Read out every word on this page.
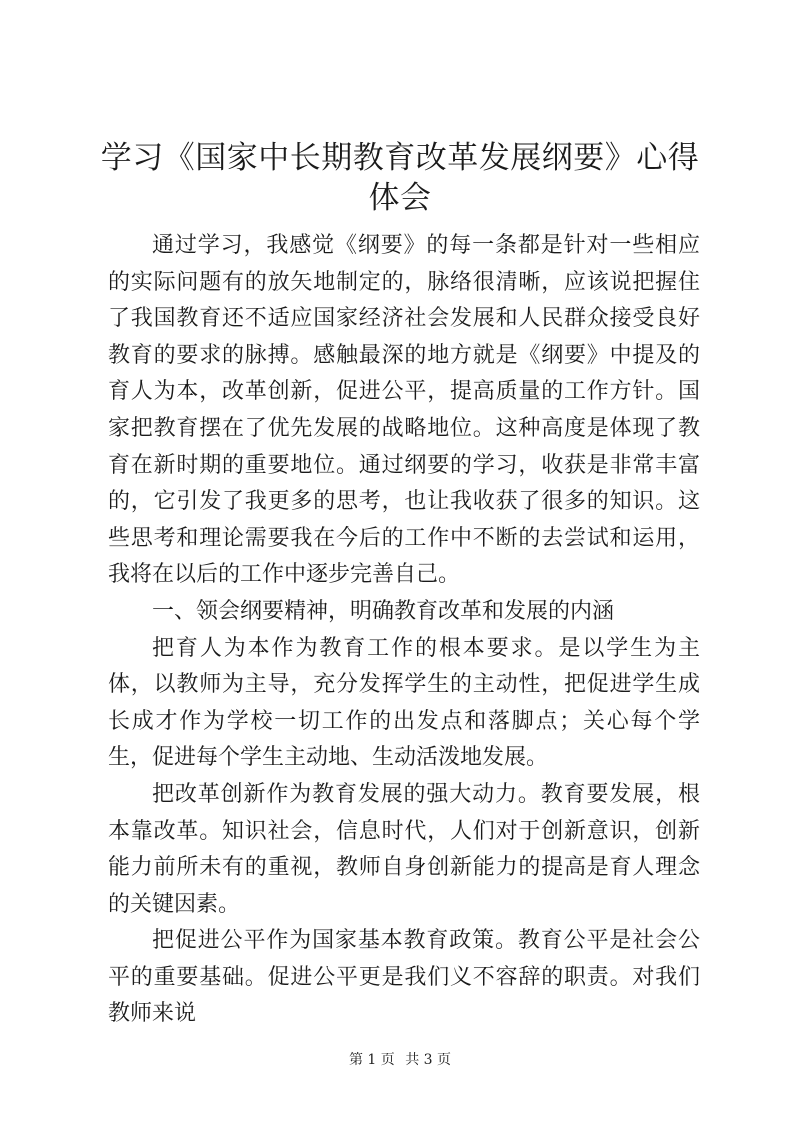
学习《国家中长期教育改革发展纲要》心得体会

通过学习，我感觉《纲要》的每一条都是针对一些相应的实际问题有的放矢地制定的，脉络很清晰，应该说把握住了我国教育还不适应国家经济社会发展和人民群众接受良好教育的要求的脉搏。感触最深的地方就是《纲要》中提及的育人为本，改革创新，促进公平，提高质量的工作方针。国家把教育摆在了优先发展的战略地位。这种高度是体现了教育在新时期的重要地位。通过纲要的学习，收获是非常丰富的，它引发了我更多的思考，也让我收获了很多的知识。这些思考和理论需要我在今后的工作中不断的去尝试和运用，我将在以后的工作中逐步完善自己。

一、领会纲要精神，明确教育改革和发展的内涵

把育人为本作为教育工作的根本要求。是以学生为主体，以教师为主导，充分发挥学生的主动性，把促进学生成长成才作为学校一切工作的出发点和落脚点；关心每个学生，促进每个学生主动地、生动活泼地发展。

把改革创新作为教育发展的强大动力。教育要发展，根本靠改革。知识社会，信息时代，人们对于创新意识，创新能力前所未有的重视，教师自身创新能力的提高是育人理念的关键因素。

把促进公平作为国家基本教育政策。教育公平是社会公平的重要基础。促进公平更是我们义不容辞的职责。对我们教师来说

第 1 页 共 3 页
